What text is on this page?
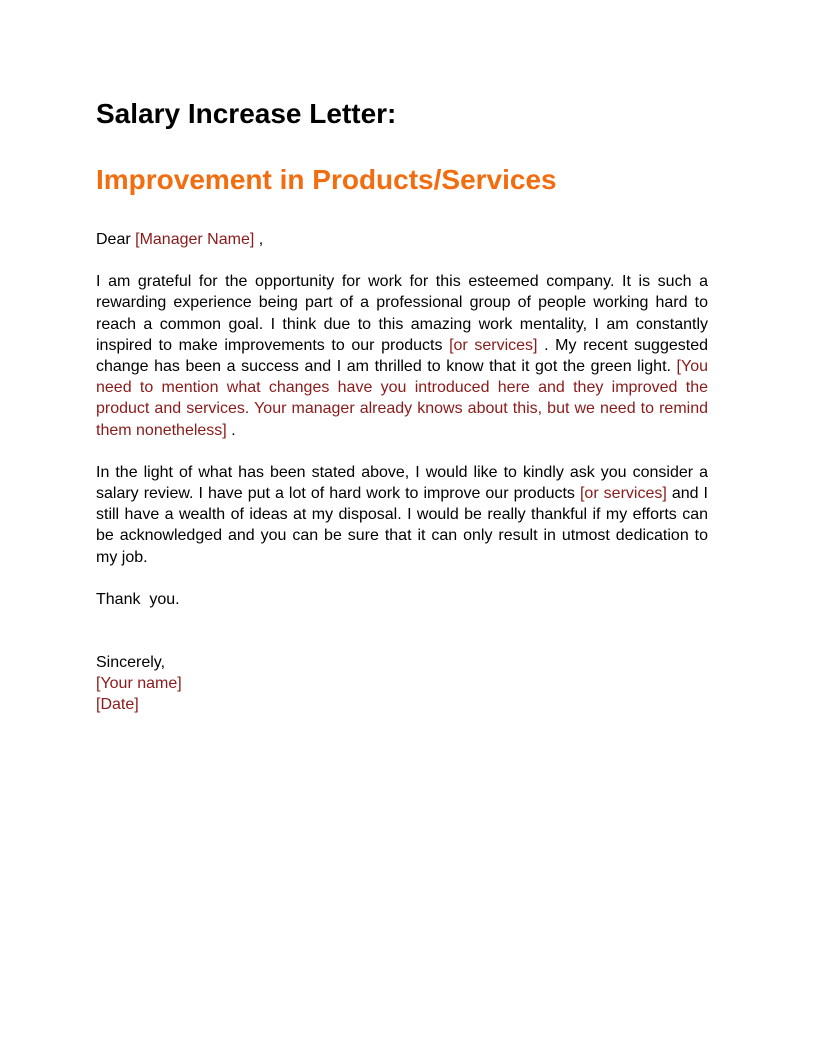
Salary Increase Letter:
Improvement in Products/Services

Dear [Manager Name] ,

I am grateful for the opportunity for work for this esteemed company. It is such a rewarding experience being part of a professional group of people working hard to reach a common goal. I think due to this amazing work mentality, I am constantly inspired to make improvements to our products [or services] . My recent suggested change has been a success and I am thrilled to know that it got the green light. [You need to mention what changes have you introduced here and they improved the product and services. Your manager already knows about this, but we need to remind them nonetheless] .

In the light of what has been stated above, I would like to kindly ask you consider a salary review. I have put a lot of hard work to improve our products [or services] and I still have a wealth of ideas at my disposal. I would be really thankful if my efforts can be acknowledged and you can be sure that it can only result in utmost dedication to my job.

Thank  you.

Sincerely,
[Your name]
[Date]
